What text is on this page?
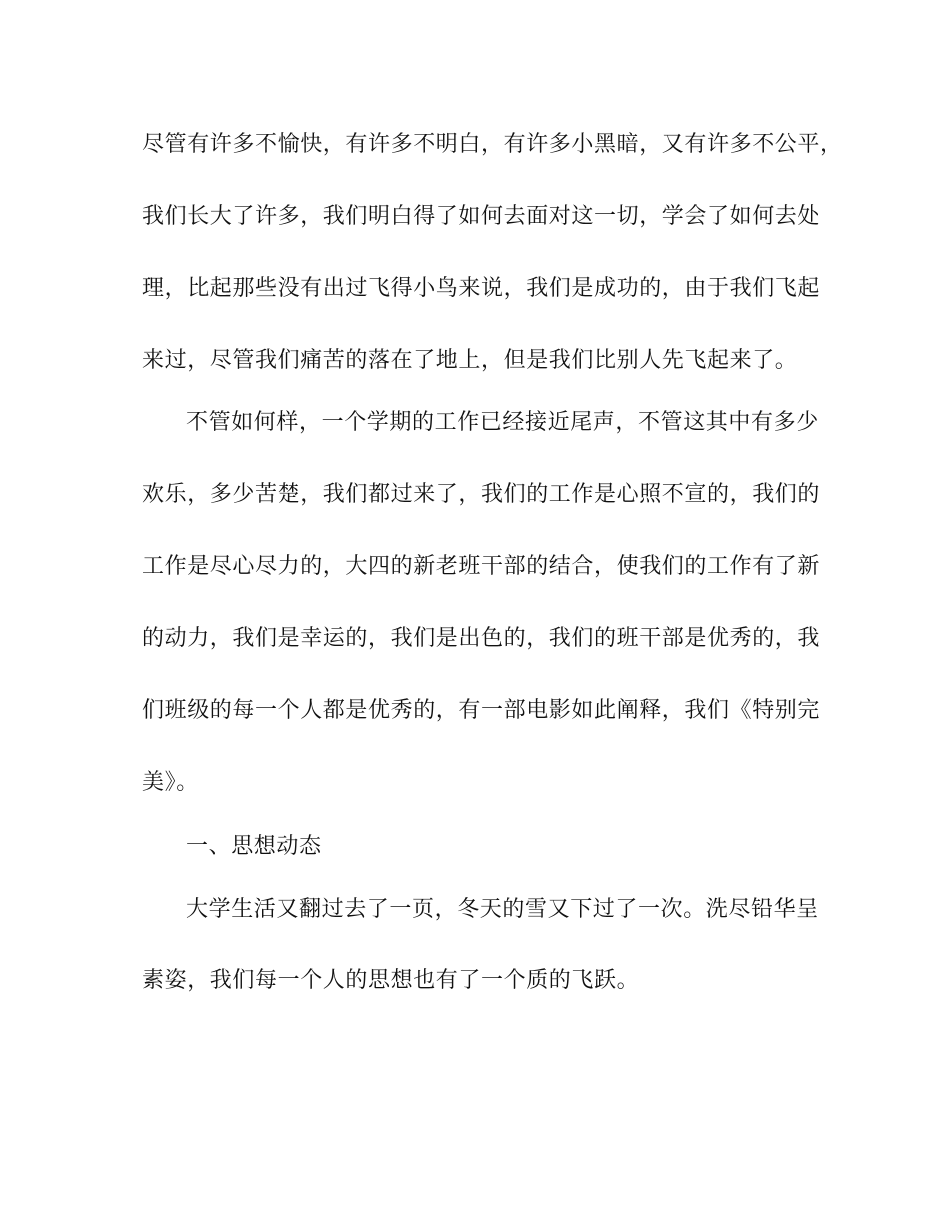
尽管有许多不愉快，有许多不明白，有许多小黑暗，又有许多不公平，
我们长大了许多，我们明白得了如何去面对这一切，学会了如何去处
理，比起那些没有出过飞得小鸟来说，我们是成功的，由于我们飞起
来过，尽管我们痛苦的落在了地上，但是我们比别人先飞起来了。
不管如何样，一个学期的工作已经接近尾声，不管这其中有多少
欢乐，多少苦楚，我们都过来了，我们的工作是心照不宣的，我们的
工作是尽心尽力的，大四的新老班干部的结合，使我们的工作有了新
的动力，我们是幸运的，我们是出色的，我们的班干部是优秀的，我
们班级的每一个人都是优秀的，有一部电影如此阐释，我们《特别完
美》。
一、思想动态
大学生活又翻过去了一页，冬天的雪又下过了一次。洗尽铅华呈
素姿，我们每一个人的思想也有了一个质的飞跃。
